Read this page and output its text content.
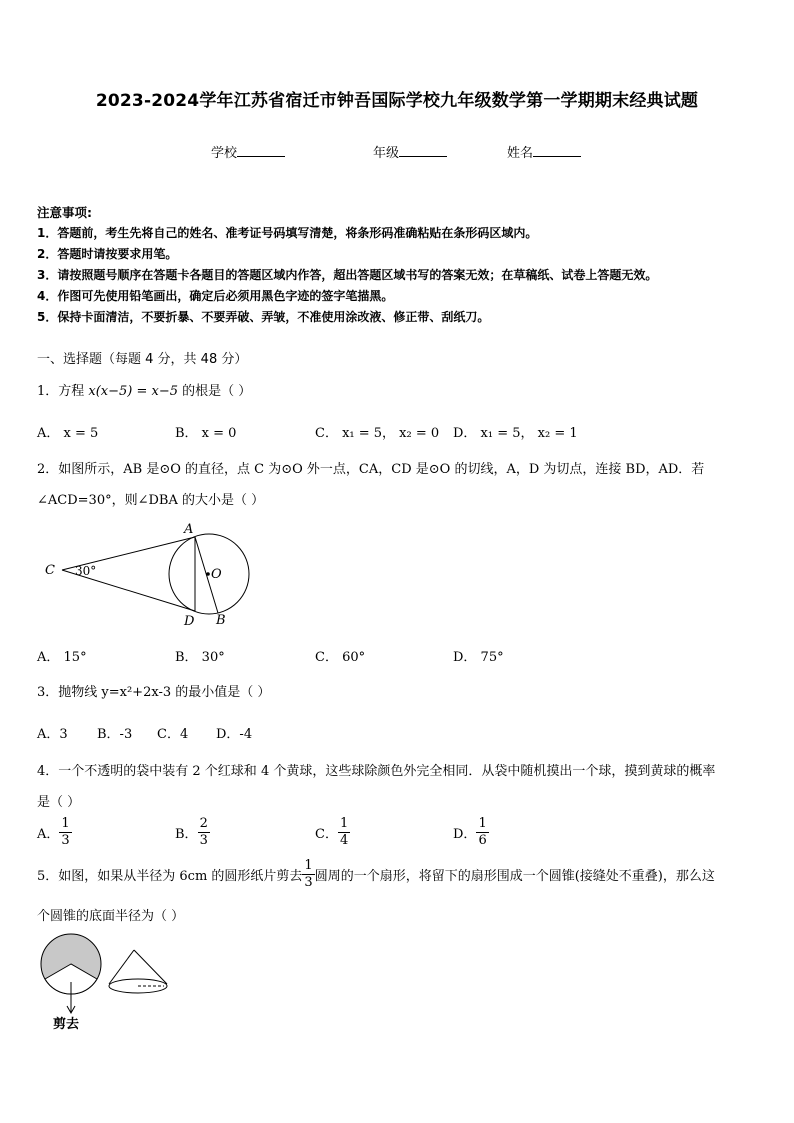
2023-2024学年江苏省宿迁市钟吾国际学校九年级数学第一学期期末经典试题
学校	年级	姓名
注意事项:
1．答题前，考生先将自己的姓名、准考证号码填写清楚，将条形码准确粘贴在条形码区域内。
2．答题时请按要求用笔。
3．请按照题号顺序在答题卡各题目的答题区域内作答，超出答题区域书写的答案无效；在草稿纸、试卷上答题无效。
4．作图可先使用铅笔画出，确定后必须用黑色字迹的签字笔描黑。
5．保持卡面清洁，不要折暴、不要弄破、弄皱，不准使用涂改液、修正带、刮纸刀。
一、选择题（每题 4 分，共 48 分）
1．方程 x(x−5) = x−5 的根是（ ）
A． x = 5	B． x = 0	C． x₁ = 5， x₂ = 0 D． x₁ = 5， x₂ = 1
2．如图所示，AB 是⊙O 的直径，点 C 为⊙O 外一点，CA，CD 是⊙O 的切线，A，D 为切点，连接 BD，AD．若
∠ACD=30°，则∠DBA 的大小是（ ）
C
A
O
D B
30°
A． 15°	B． 30°	C． 60°	D． 75°
3．抛物线 y=x²+2x-3 的最小值是（ ）
A．3 B．-3 C．4 D．-4
4．一个不透明的袋中装有 2 个红球和 4 个黄球，这些球除颜色外完全相同．从袋中随机摸出一个球，摸到黄球的概率
是（ ）
A． $\frac{1}{3}$	B． $\frac{2}{3}$	C． $\frac{1}{4}$	D． $\frac{1}{6}$
5．如图，如果从半径为 6cm 的圆形纸片剪去 $\frac{1}{3}$ 圆周的一个扇形，将留下的扇形围成一个圆锥(接缝处不重叠)，那么这
个圆锥的底面半径为（ ）
剪去
